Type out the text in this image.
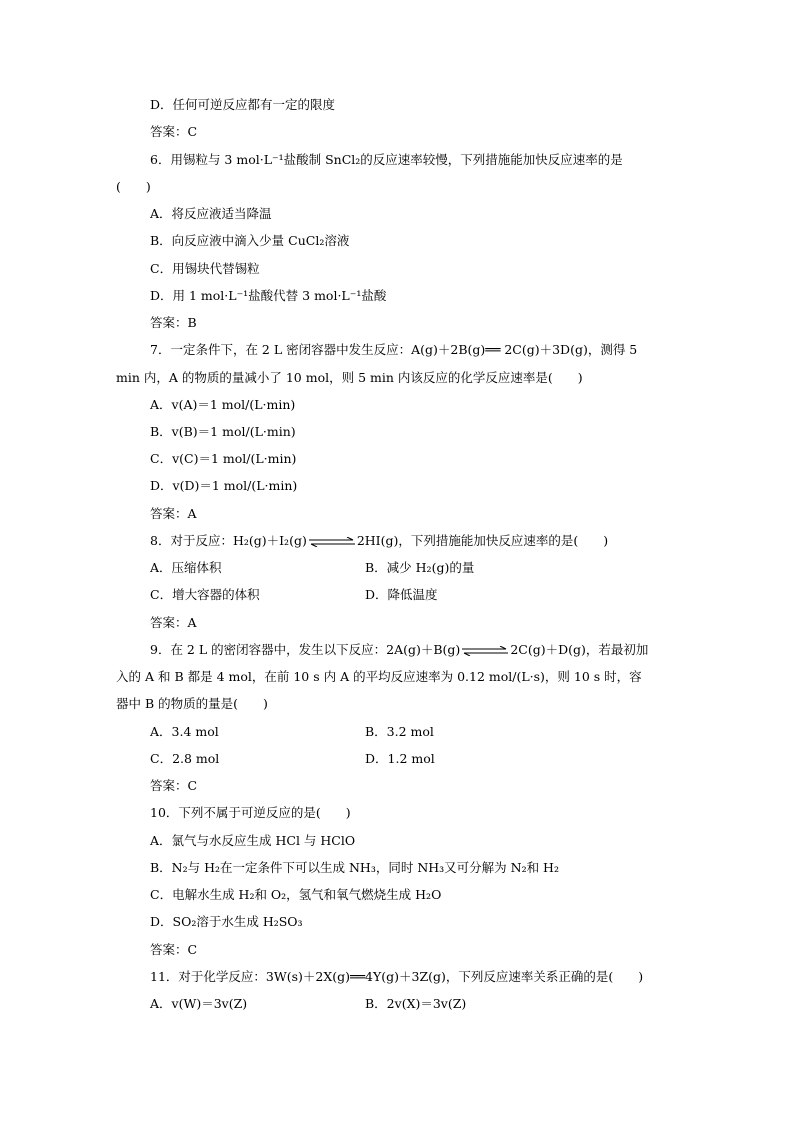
D．任何可逆反应都有一定的限度
答案：C
6．用锡粒与 3 mol·L⁻¹盐酸制 SnCl₂的反应速率较慢，下列措施能加快反应速率的是
(　　)
A．将反应液适当降温
B．向反应液中滴入少量 CuCl₂溶液
C．用锡块代替锡粒
D．用 1 mol·L⁻¹盐酸代替 3 mol·L⁻¹盐酸
答案：B
7．一定条件下，在 2 L 密闭容器中发生反应：A(g)＋2B(g)══ 2C(g)＋3D(g)，测得 5
min 内，A 的物质的量减小了 10 mol，则 5 min 内该反应的化学反应速率是(　　)
A．v(A)＝1 mol/(L·min)
B．v(B)＝1 mol/(L·min)
C．v(C)＝1 mol/(L·min)
D．v(D)＝1 mol/(L·min)
答案：A
8．对于反应：H₂(g)＋I₂(g) ⇌ 2HI(g)，下列措施能加快反应速率的是(　　)
A．压缩体积	B．减少 H₂(g)的量
C．增大容器的体积	D．降低温度
答案：A
9．在 2 L 的密闭容器中，发生以下反应：2A(g)＋B(g) ⇌ 2C(g)＋D(g)，若最初加
入的 A 和 B 都是 4 mol，在前 10 s 内 A 的平均反应速率为 0.12 mol/(L·s)，则 10 s 时，容
器中 B 的物质的量是(　　)
A．3.4 mol	B．3.2 mol
C．2.8 mol	D．1.2 mol
答案：C
10．下列不属于可逆反应的是(　　)
A．氯气与水反应生成 HCl 与 HClO
B．N₂与 H₂在一定条件下可以生成 NH₃，同时 NH₃又可分解为 N₂和 H₂
C．电解水生成 H₂和 O₂，氢气和氧气燃烧生成 H₂O
D．SO₂溶于水生成 H₂SO₃
答案：C
11．对于化学反应：3W(s)＋2X(g)══4Y(g)＋3Z(g)，下列反应速率关系正确的是(　　)
A．v(W)＝3v(Z)	B．2v(X)＝3v(Z)
